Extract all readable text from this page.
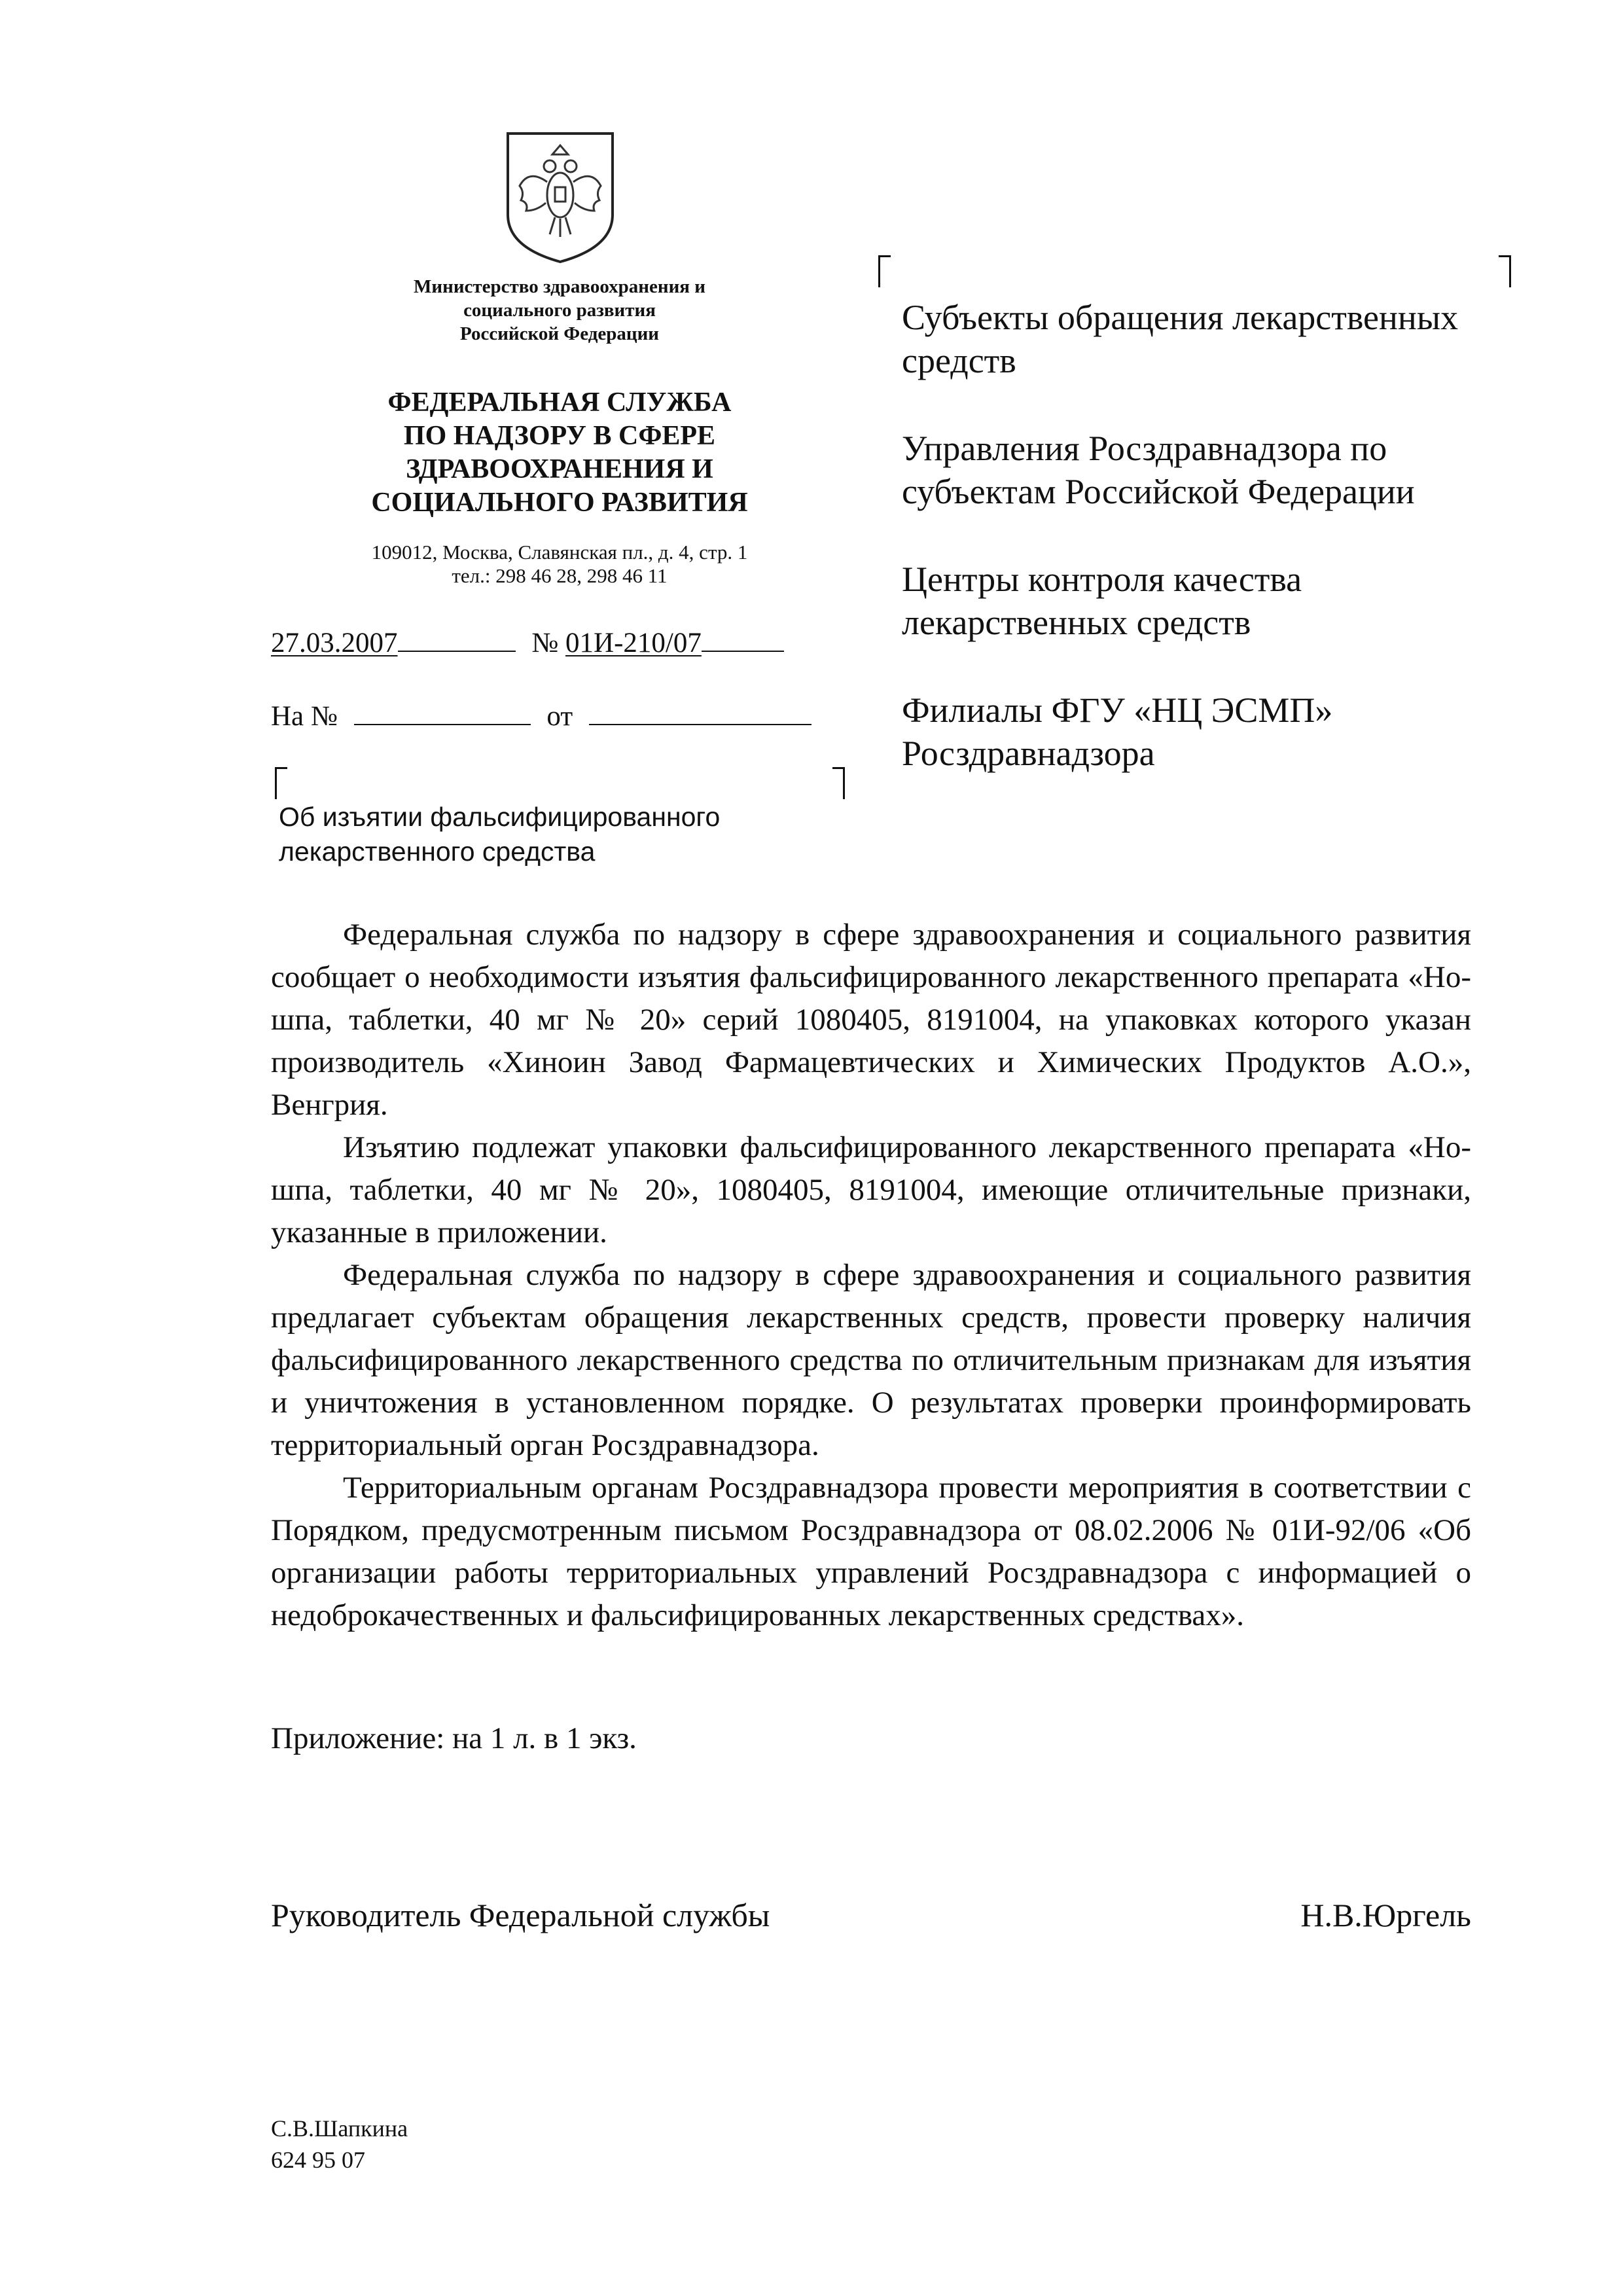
Министерство здравоохранения и
социального развития
Российской Федерации
ФЕДЕРАЛЬНАЯ СЛУЖБА
ПО НАДЗОРУ В СФЕРЕ
ЗДРАВООХРАНЕНИЯ И
СОЦИАЛЬНОГО РАЗВИТИЯ
109012, Москва, Славянская пл., д. 4, стр. 1
тел.: 298 46 28, 298 46 11
27.03.2007	№ 01И-210/07
На №	от
Об изъятии фальсифицированного
лекарственного средства
Субъекты обращения лекарственных
средств
Управления Росздравнадзора по
субъектам Российской Федерации
Центры контроля качества
лекарственных средств
Филиалы ФГУ «НЦ ЭСМП»
Росздравнадзора

Федеральная служба по надзору в сфере здравоохранения и социального развития сообщает о необходимости изъятия фальсифицированного лекарственного препарата «Но-шпа, таблетки, 40 мг № 20» серий 1080405, 8191004, на упаковках которого указан производитель «Хиноин Завод Фармацевтических и Химических Продуктов А.О.», Венгрия.

Изъятию подлежат упаковки фальсифицированного лекарственного препарата «Но-шпа, таблетки, 40 мг № 20», 1080405, 8191004, имеющие отличительные признаки, указанные в приложении.

Федеральная служба по надзору в сфере здравоохранения и социального развития предлагает субъектам обращения лекарственных средств, провести проверку наличия фальсифицированного лекарственного средства по отличительным признакам для изъятия и уничтожения в установленном порядке. О результатах проверки проинформировать территориальный орган Росздравнадзора.

Территориальным органам Росздравнадзора провести мероприятия в соответствии с Порядком, предусмотренным письмом Росздравнадзора от 08.02.2006 № 01И-92/06 «Об организации работы территориальных управлений Росздравнадзора с информацией о недоброкачественных и фальсифицированных лекарственных средствах».

Приложение: на 1 л. в 1 экз.
Руководитель Федеральной службы	Н.В.Юргель
С.В.Шапкина
624 95 07
